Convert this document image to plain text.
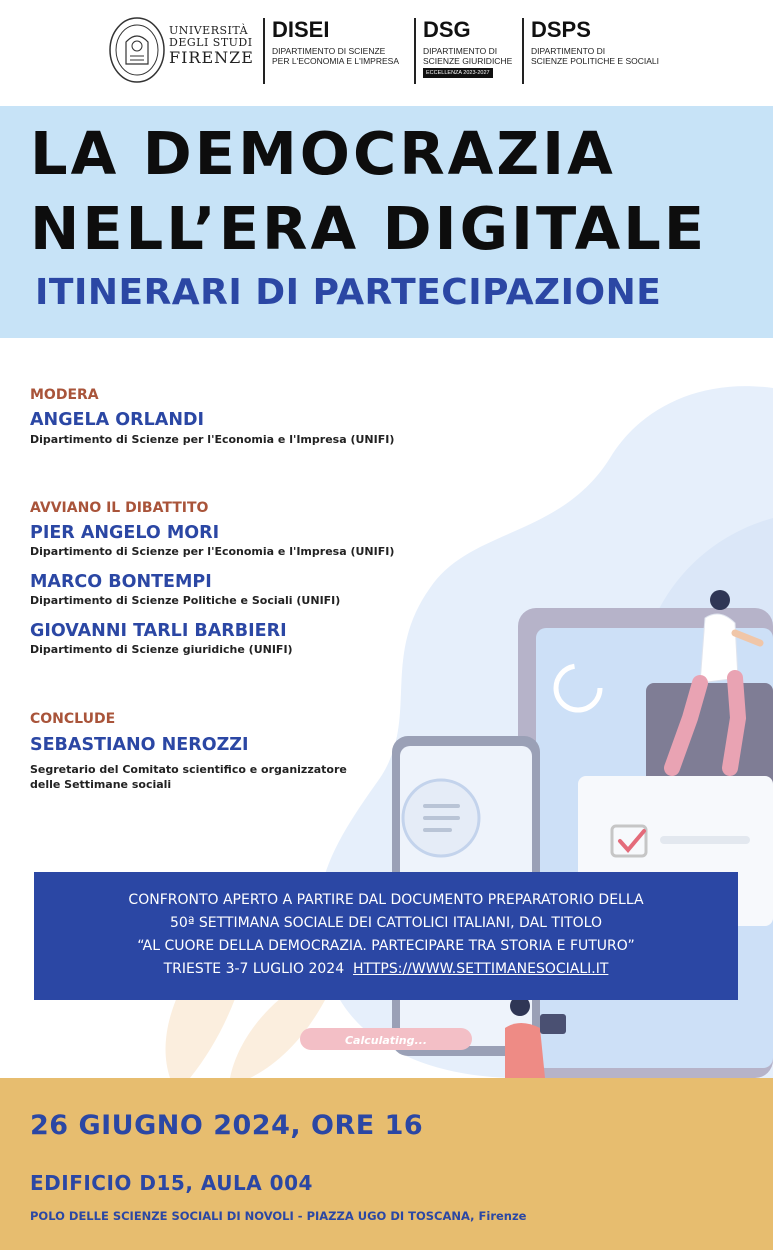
UNIVERSITÀ
DEGLI STUDI
FIRENZE
DISEI
DIPARTIMENTO DI SCIENZE
PER L'ECONOMIA E L'IMPRESA
DSG
DIPARTIMENTO DI
SCIENZE GIURIDICHE
ECCELLENZA 2023-2027
DSPS
DIPARTIMENTO DI
SCIENZE POLITICHE E SOCIALI
LA DEMOCRAZIA
NELL’ERA DIGITALE
ITINERARI DI PARTECIPAZIONE
Calculating...
MODERA
ANGELA ORLANDI
Dipartimento di Scienze per l'Economia e l'Impresa (UNIFI)
AVVIANO IL DIBATTITO
PIER ANGELO MORI
Dipartimento di Scienze per l'Economia e l'Impresa (UNIFI)
MARCO BONTEMPI
Dipartimento di Scienze Politiche e Sociali (UNIFI)
GIOVANNI TARLI BARBIERI
Dipartimento di Scienze giuridiche (UNIFI)
CONCLUDE
SEBASTIANO NEROZZI
Segretario del Comitato scientifico e organizzatore
delle Settimane sociali
CONFRONTO APERTO A PARTIRE DAL DOCUMENTO PREPARATORIO DELLA
50ª SETTIMANA SOCIALE DEI CATTOLICI ITALIANI, DAL TITOLO
“AL CUORE DELLA DEMOCRAZIA. PARTECIPARE TRA STORIA E FUTURO”
TRIESTE 3-7 LUGLIO 2024 HTTPS://WWW.SETTIMANESOCIALI.IT
26 GIUGNO 2024, ORE 16
EDIFICIO D15, AULA 004
POLO DELLE SCIENZE SOCIALI DI NOVOLI - PIAZZA UGO DI TOSCANA, Firenze
